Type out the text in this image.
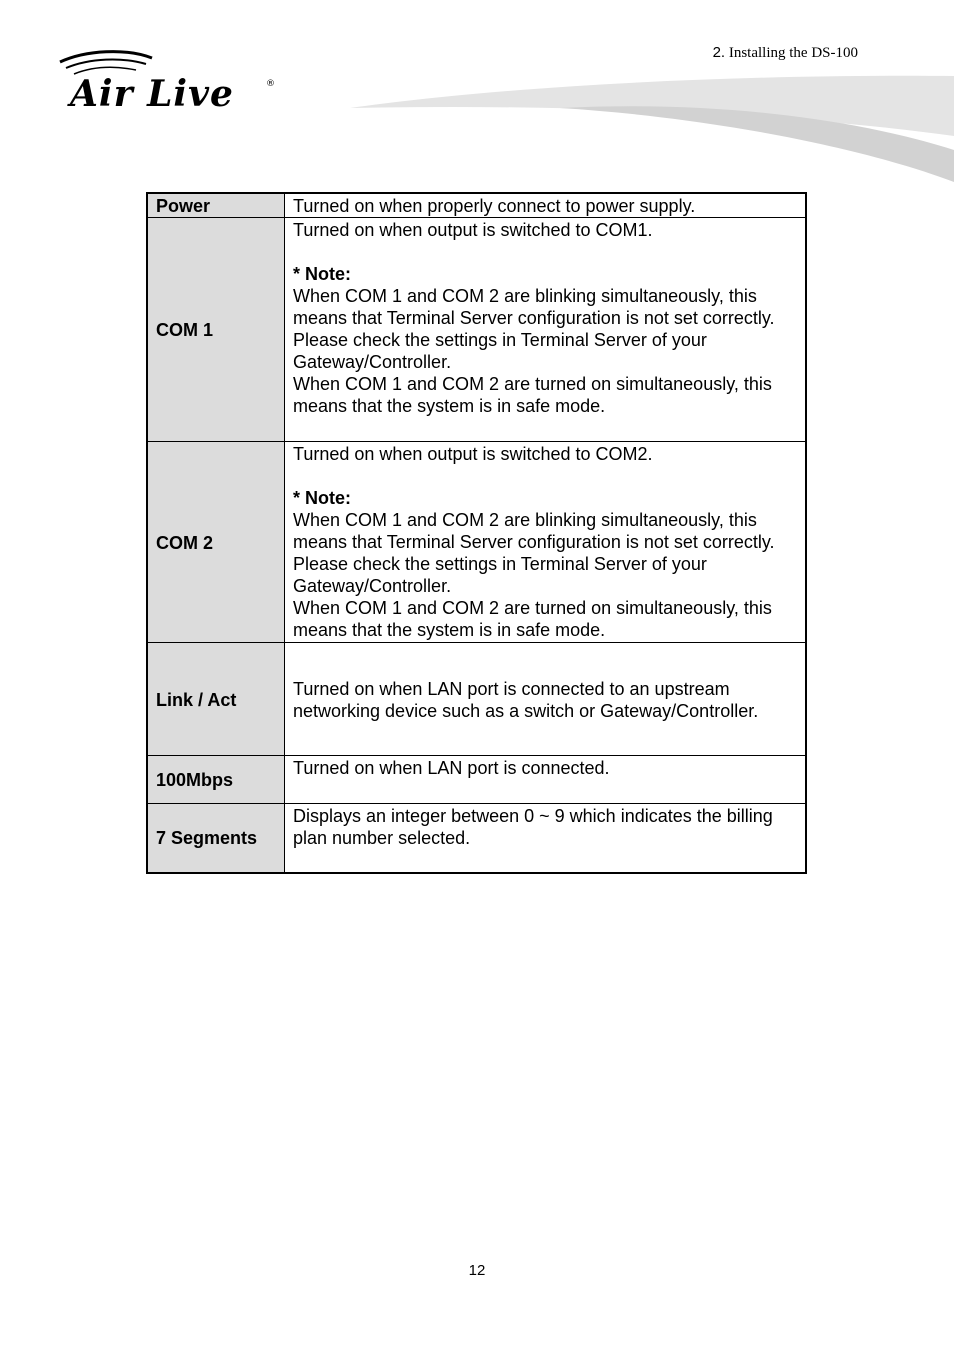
2. Installing the DS-100
Air Live	®
Power	Turned on when properly connect to power supply.

COM 1	Turned on when output is switched to COM1.
* Note:
When COM 1 and COM 2 are blinking simultaneously, this means that Terminal Server configuration is not set correctly. Please check the settings in Terminal Server of your Gateway/Controller.
When COM 1 and COM 2 are turned on simultaneously, this means that the system is in safe mode.

COM 2	Turned on when output is switched to COM2.
* Note:
When COM 1 and COM 2 are blinking simultaneously, this means that Terminal Server configuration is not set correctly. Please check the settings in Terminal Server of your Gateway/Controller.
When COM 1 and COM 2 are turned on simultaneously, this means that the system is in safe mode.

Link / Act	Turned on when LAN port is connected to an upstream networking device such as a switch or Gateway/Controller.

100Mbps	Turned on when LAN port is connected.

7 Segments	Displays an integer between 0 ~ 9 which indicates the billing plan number selected.
12
